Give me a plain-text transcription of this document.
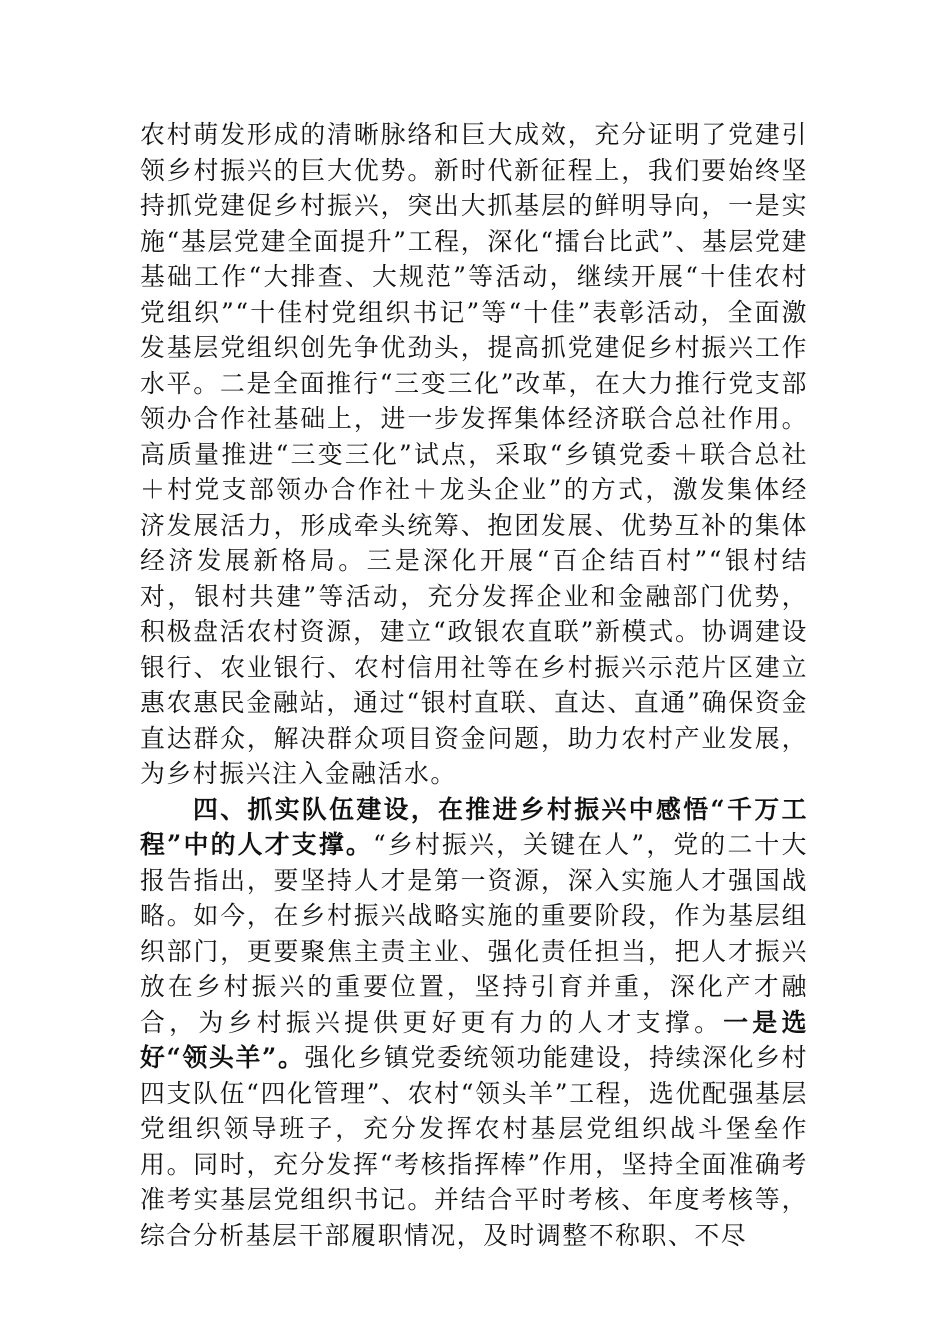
农村萌发形成的清晰脉络和巨大成效，充分证明了党建引领乡村振兴的巨大优势。新时代新征程上，我们要始终坚持抓党建促乡村振兴，突出大抓基层的鲜明导向，一是实施“基层党建全面提升”工程，深化“擂台比武”、基层党建基础工作“大排查、大规范”等活动，继续开展“十佳农村党组织”“十佳村党组织书记”等“十佳”表彰活动，全面激发基层党组织创先争优劲头，提高抓党建促乡村振兴工作水平。二是全面推行“三变三化”改革，在大力推行党支部领办合作社基础上，进一步发挥集体经济联合总社作用。高质量推进“三变三化”试点，采取“乡镇党委＋联合总社＋村党支部领办合作社＋龙头企业”的方式，激发集体经济发展活力，形成牵头统筹、抱团发展、优势互补的集体经济发展新格局。三是深化开展“百企结百村”“银村结对，银村共建”等活动，充分发挥企业和金融部门优势，积极盘活农村资源，建立“政银农直联”新模式。协调建设银行、农业银行、农村信用社等在乡村振兴示范片区建立惠农惠民金融站，通过“银村直联、直达、直通”确保资金直达群众，解决群众项目资金问题，助力农村产业发展，为乡村振兴注入金融活水。

四、抓实队伍建设，在推进乡村振兴中感悟“千万工程”中的人才支撑。“乡村振兴，关键在人”，党的二十大报告指出，要坚持人才是第一资源，深入实施人才强国战略。如今，在乡村振兴战略实施的重要阶段，作为基层组织部门，更要聚焦主责主业、强化责任担当，把人才振兴放在乡村振兴的重要位置，坚持引育并重，深化产才融合，为乡村振兴提供更好更有力的人才支撑。一是选好“领头羊”。强化乡镇党委统领功能建设，持续深化乡村四支队伍“四化管理”、农村“领头羊”工程，选优配强基层党组织领导班子，充分发挥农村基层党组织战斗堡垒作用。同时，充分发挥“考核指挥棒”作用，坚持全面准确考准考实基层党组织书记。并结合平时考核、年度考核等，综合分析基层干部履职情况，及时调整不称职、不尽
